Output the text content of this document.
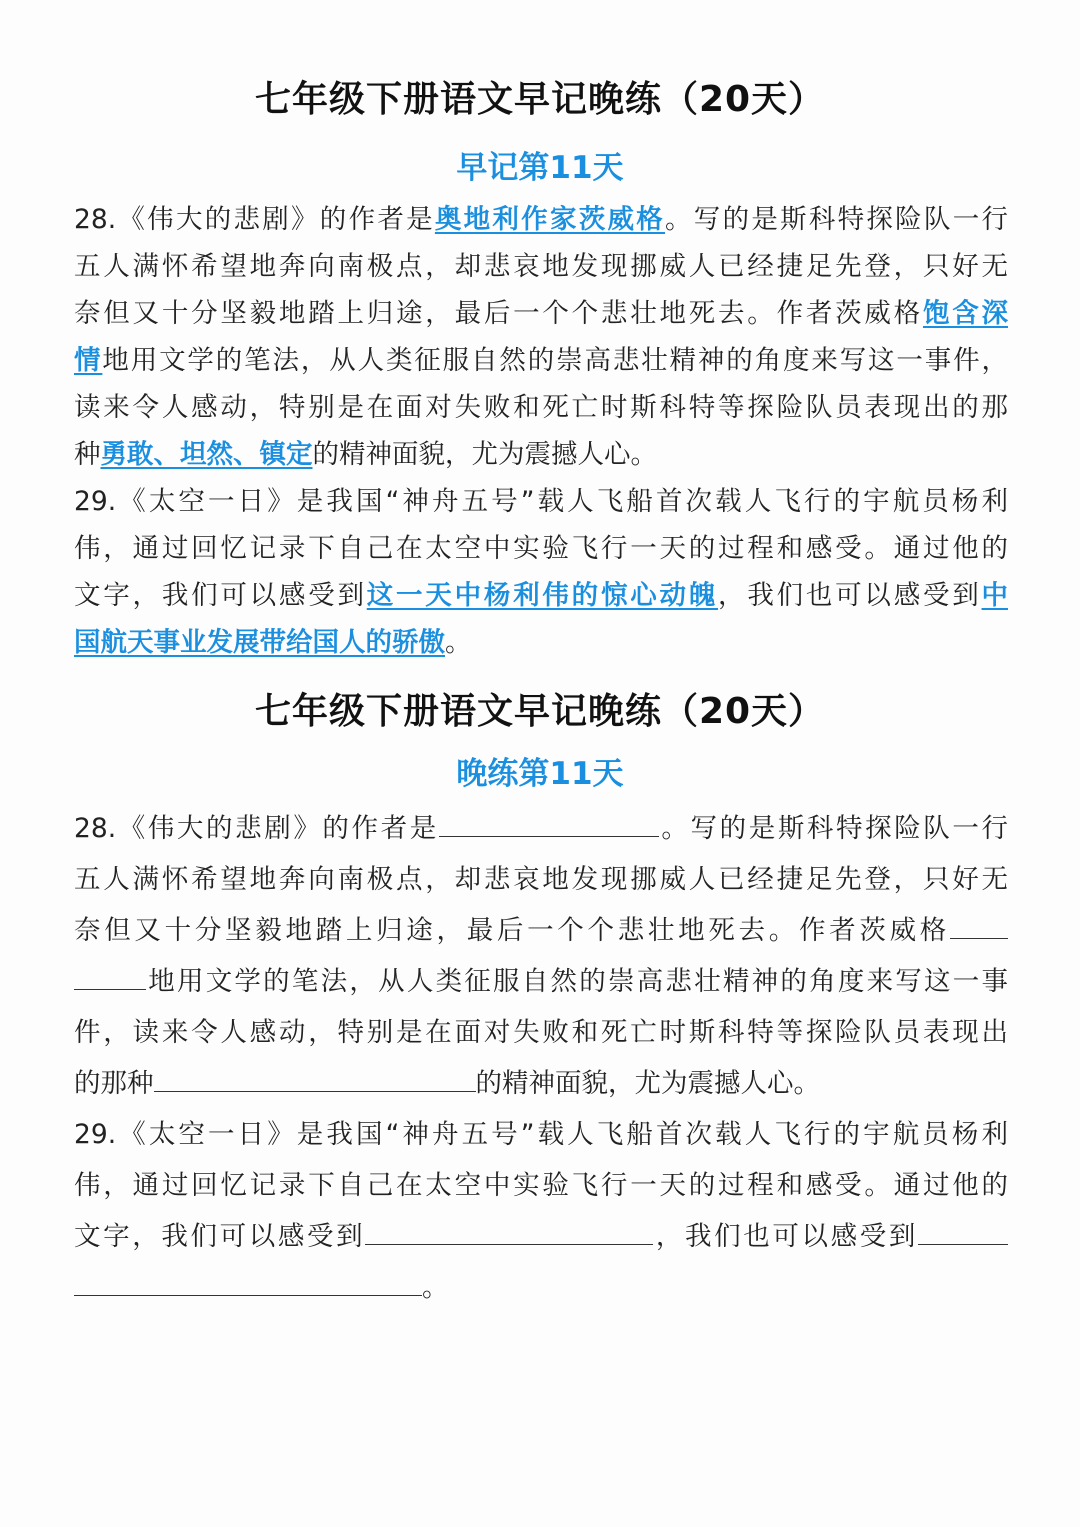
七年级下册语文早记晚练（20天）
早记第11天
28.《伟大的悲剧》的作者是奥地利作家茨威格。写的是斯科特探险队一行
五人满怀希望地奔向南极点，却悲哀地发现挪威人已经捷足先登，只好无
奈但又十分坚毅地踏上归途，最后一个个悲壮地死去。作者茨威格饱含深
情地用文学的笔法，从人类征服自然的崇高悲壮精神的角度来写这一事件，
读来令人感动，特别是在面对失败和死亡时斯科特等探险队员表现出的那
种勇敢、坦然、镇定的精神面貌，尤为震撼人心。
29.《太空一日》是我国“神舟五号”载人飞船首次载人飞行的宇航员杨利
伟，通过回忆记录下自己在太空中实验飞行一天的过程和感受。通过他的
文字，我们可以感受到这一天中杨利伟的惊心动魄，我们也可以感受到中
国航天事业发展带给国人的骄傲。
七年级下册语文早记晚练（20天）
晚练第11天
28.《伟大的悲剧》的作者是	。写的是斯科特探险队一行
五人满怀希望地奔向南极点，却悲哀地发现挪威人已经捷足先登，只好无
奈但又十分坚毅地踏上归途，最后一个个悲壮地死去。作者茨威格
地用文学的笔法，从人类征服自然的崇高悲壮精神的角度来写这一事
件，读来令人感动，特别是在面对失败和死亡时斯科特等探险队员表现出
的那种	的精神面貌，尤为震撼人心。
29.《太空一日》是我国“神舟五号”载人飞船首次载人飞行的宇航员杨利
伟，通过回忆记录下自己在太空中实验飞行一天的过程和感受。通过他的
文字，我们可以感受到	，我们也可以感受到
。
